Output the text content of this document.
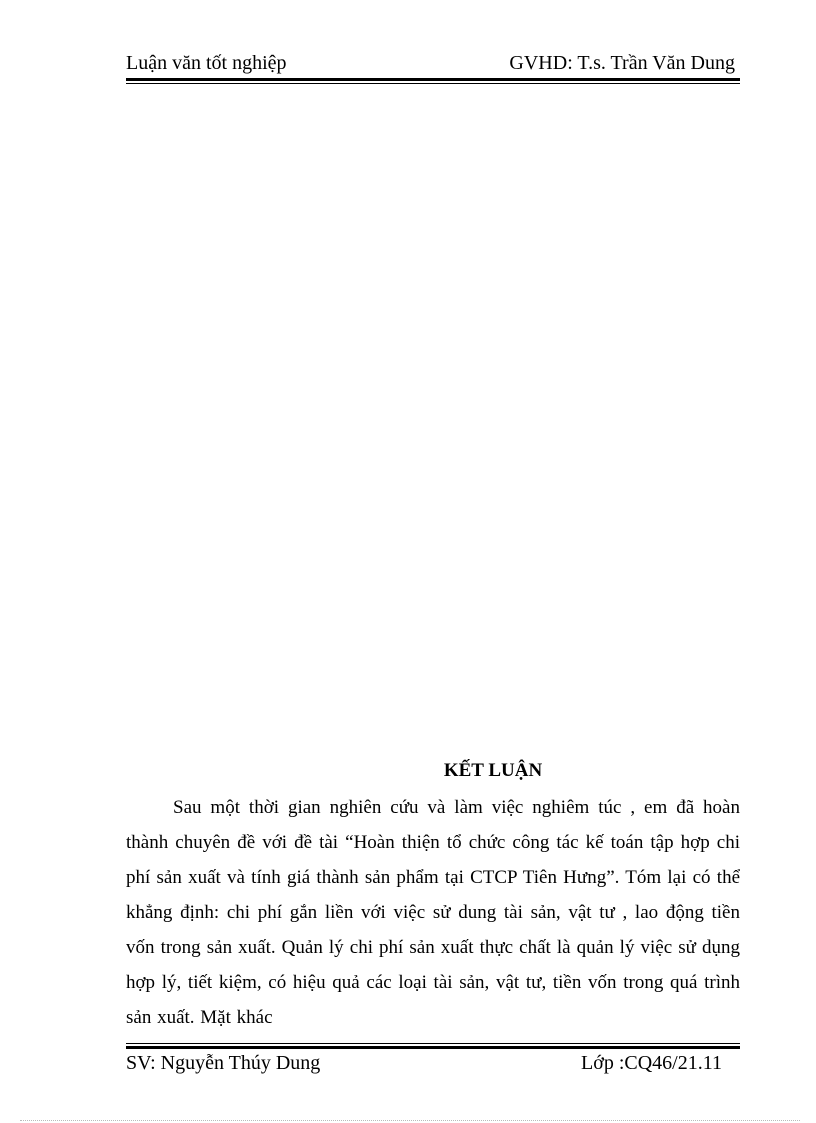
Luận văn tốt nghiệp	GVHD: T.s. Trần Văn Dung
KẾT LUẬN

Sau một thời gian nghiên cứu và làm việc nghiêm túc , em đã hoàn thành chuyên đề với đề tài “Hoàn thiện tổ chức công tác kế toán tập hợp chi phí sản xuất và tính giá thành sản phẩm tại CTCP Tiên Hưng”. Tóm lại có thể khẳng định: chi phí gắn liền với việc sử dung tài sản, vật tư , lao động tiền vốn trong sản xuất. Quản lý chi phí sản xuất thực chất là quản lý việc sử dụng hợp lý, tiết kiệm, có hiệu quả các loại tài sản, vật tư, tiền vốn trong quá trình sản xuất. Mặt khác

SV: Nguyễn Thúy Dung	Lớp :CQ46/21.11
